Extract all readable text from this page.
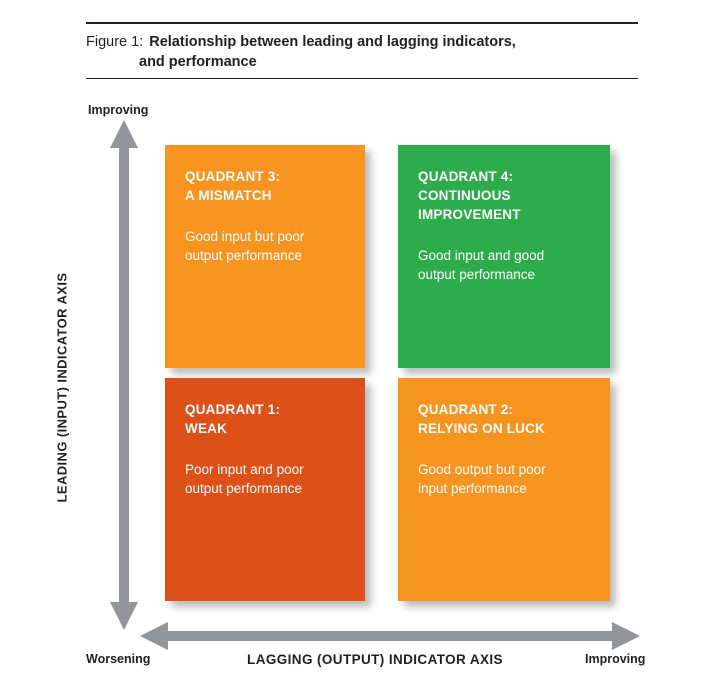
Figure 1: Relationship between leading and lagging indicators,
and performance
Improving
Worsening	Improving
LEADING (INPUT) INDICATOR AXIS
LAGGING (OUTPUT) INDICATOR AXIS
QUADRANT 3:
A MISMATCH
Good input but poor
output performance
QUADRANT 4:
CONTINUOUS
IMPROVEMENT
Good input and good
output performance
QUADRANT 1:
WEAK
Poor input and poor
output performance
QUADRANT 2:
RELYING ON LUCK
Good output but poor
input performance
